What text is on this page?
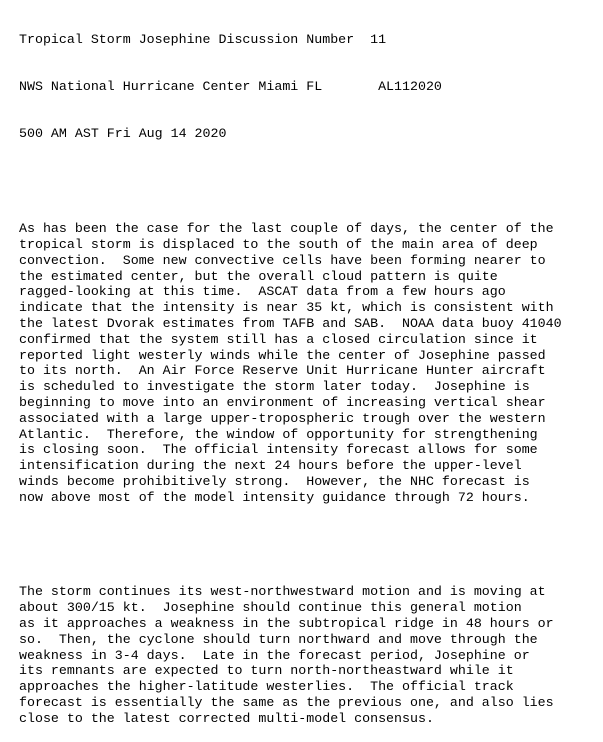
Tropical Storm Josephine Discussion Number  11

NWS National Hurricane Center Miami FL       AL112020

500 AM AST Fri Aug 14 2020

As has been the case for the last couple of days, the center of the
tropical storm is displaced to the south of the main area of deep
convection.  Some new convective cells have been forming nearer to
the estimated center, but the overall cloud pattern is quite
ragged-looking at this time.  ASCAT data from a few hours ago
indicate that the intensity is near 35 kt, which is consistent with
the latest Dvorak estimates from TAFB and SAB.  NOAA data buoy 41040
confirmed that the system still has a closed circulation since it
reported light westerly winds while the center of Josephine passed
to its north.  An Air Force Reserve Unit Hurricane Hunter aircraft
is scheduled to investigate the storm later today.  Josephine is
beginning to move into an environment of increasing vertical shear
associated with a large upper-tropospheric trough over the western
Atlantic.  Therefore, the window of opportunity for strengthening
is closing soon.  The official intensity forecast allows for some
intensification during the next 24 hours before the upper-level
winds become prohibitively strong.  However, the NHC forecast is
now above most of the model intensity guidance through 72 hours.

The storm continues its west-northwestward motion and is moving at
about 300/15 kt.  Josephine should continue this general motion
as it approaches a weakness in the subtropical ridge in 48 hours or
so.  Then, the cyclone should turn northward and move through the
weakness in 3-4 days.  Late in the forecast period, Josephine or
its remnants are expected to turn north-northeastward while it
approaches the higher-latitude westerlies.  The official track
forecast is essentially the same as the previous one, and also lies
close to the latest corrected multi-model consensus.
